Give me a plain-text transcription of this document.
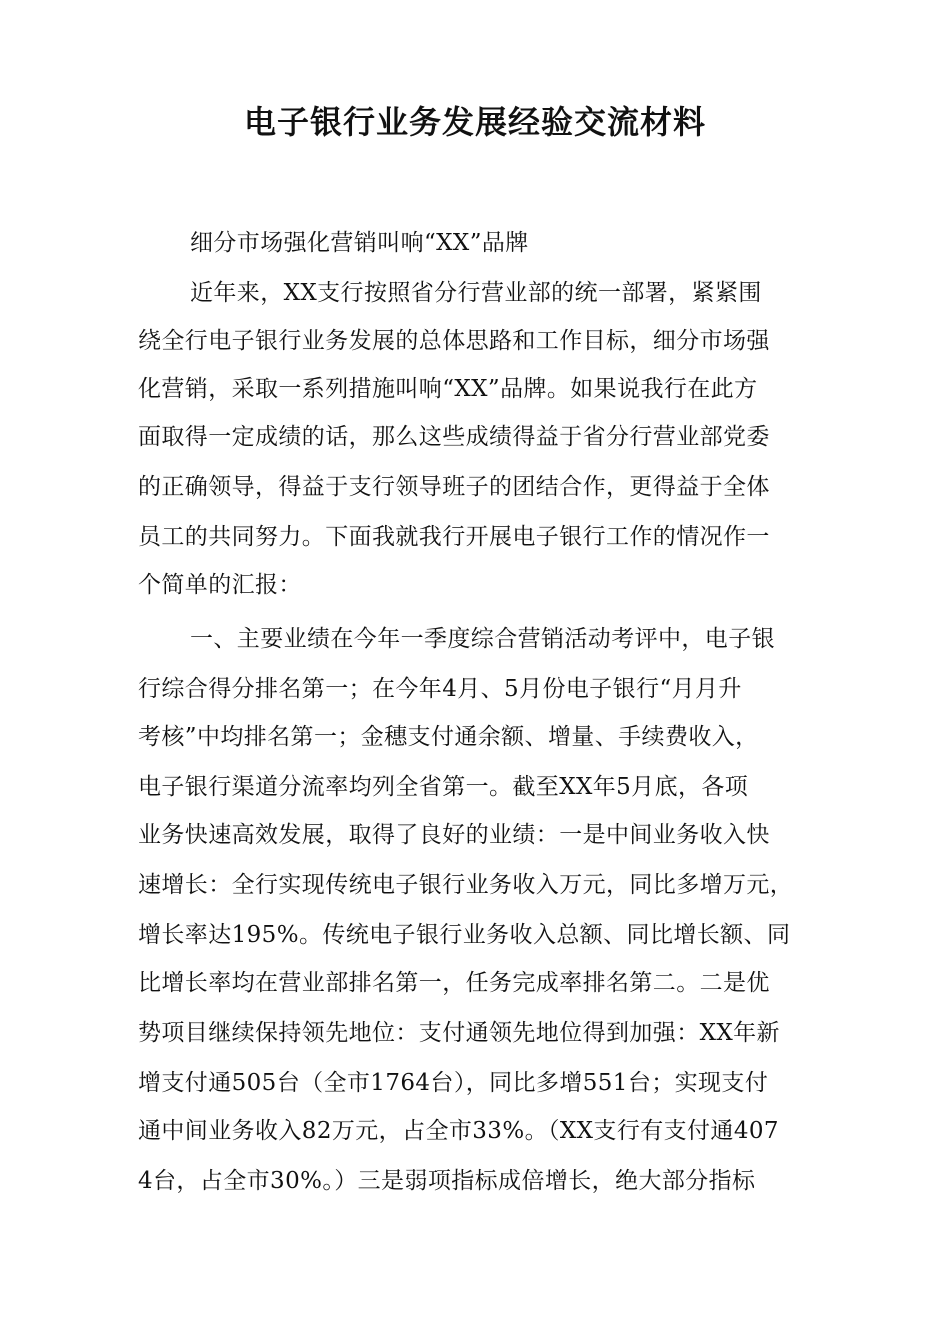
电子银行业务发展经验交流材料
细分市场强化营销叫响“XX”品牌
近年来，XX支行按照省分行营业部的统一部署，紧紧围
绕全行电子银行业务发展的总体思路和工作目标，细分市场强
化营销，采取一系列措施叫响“XX”品牌。如果说我行在此方
面取得一定成绩的话，那么这些成绩得益于省分行营业部党委
的正确领导，得益于支行领导班子的团结合作，更得益于全体
员工的共同努力。下面我就我行开展电子银行工作的情况作一
个简单的汇报：
一、主要业绩在今年一季度综合营销活动考评中，电子银
行综合得分排名第一；在今年4月、5月份电子银行“月月升
考核”中均排名第一；金穗支付通余额、增量、手续费收入，
电子银行渠道分流率均列全省第一。截至XX年5月底，各项
业务快速高效发展，取得了良好的业绩：一是中间业务收入快
速增长：全行实现传统电子银行业务收入万元，同比多增万元，
增长率达195%。传统电子银行业务收入总额、同比增长额、同
比增长率均在营业部排名第一，任务完成率排名第二。二是优
势项目继续保持领先地位：支付通领先地位得到加强：XX年新
增支付通505台（全市1764台），同比多增551台；实现支付
通中间业务收入82万元，占全市33%。（XX支行有支付通407
4台，占全市30%。）三是弱项指标成倍增长，绝大部分指标
